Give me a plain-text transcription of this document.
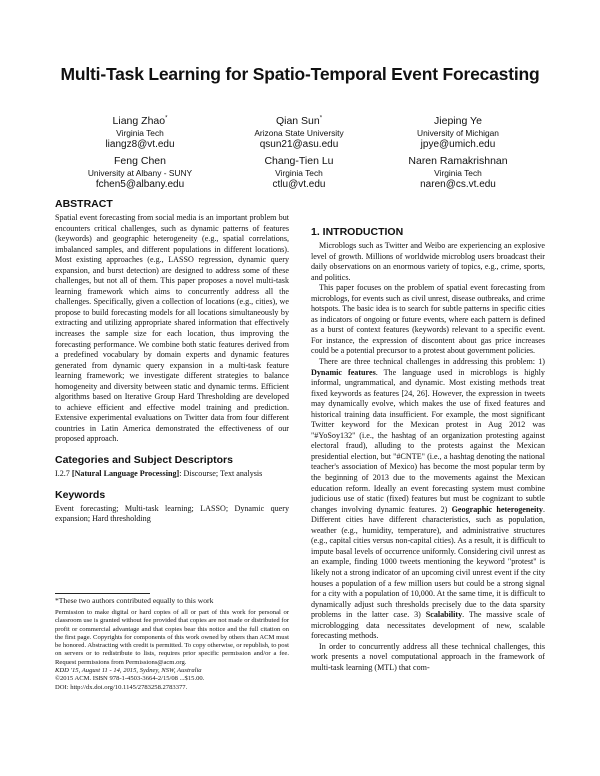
Multi-Task Learning for Spatio-Temporal Event Forecasting
Liang Zhao*
Virginia Tech
liangz8@vt.edu
Qian Sun*
Arizona State University
qsun21@asu.edu
Jieping Ye
University of Michigan
jpye@umich.edu
Feng Chen
University at Albany - SUNY
fchen5@albany.edu
Chang-Tien Lu
Virginia Tech
ctlu@vt.edu
Naren Ramakrishnan
Virginia Tech
naren@cs.vt.edu
ABSTRACT

Spatial event forecasting from social media is an important problem but encounters critical challenges, such as dynamic patterns of features (keywords) and geographic heterogeneity (e.g., spatial correlations, imbalanced samples, and different populations in different locations). Most existing approaches (e.g., LASSO regression, dynamic query expansion, and burst detection) are designed to address some of these challenges, but not all of them. This paper proposes a novel multi-task learning framework which aims to concurrently address all the challenges. Specifically, given a collection of locations (e.g., cities), we propose to build forecasting models for all locations simultaneously by extracting and utilizing appropriate shared information that effectively increases the sample size for each location, thus improving the forecasting performance. We combine both static features derived from a predefined vocabulary by domain experts and dynamic features generated from dynamic query expansion in a multi-task feature learning framework; we investigate different strategies to balance homogeneity and diversity between static and dynamic terms. Efficient algorithms based on Iterative Group Hard Thresholding are developed to achieve efficient and effective model training and prediction. Extensive experimental evaluations on Twitter data from four different countries in Latin America demonstrated the effectiveness of our proposed approach.

Categories and Subject Descriptors

I.2.7 [Natural Language Processing]: Discourse; Text analysis

Keywords

Event forecasting; Multi-task learning; LASSO; Dynamic query expansion; Hard thresholding

*These two authors contributed equally to this work
Permission to make digital or hard copies of all or part of this work for personal or classroom use is granted without fee provided that copies are not made or distributed for profit or commercial advantage and that copies bear this notice and the full citation on the first page. Copyrights for components of this work owned by others than ACM must be honored. Abstracting with credit is permitted. To copy otherwise, or republish, to post on servers or to redistribute to lists, requires prior specific permission and/or a fee. Request permissions from Permissions@acm.org.
KDD '15, August 11 - 14, 2015, Sydney, NSW, Australia
©2015 ACM. ISBN 978-1-4503-3664-2/15/08 ...$15.00.
DOI: http://dx.doi.org/10.1145/2783258.2783377.
1. INTRODUCTION

Microblogs such as Twitter and Weibo are experiencing an explosive level of growth. Millions of worldwide microblog users broadcast their daily observations on an enormous variety of topics, e.g., crime, sports, and politics.

This paper focuses on the problem of spatial event forecasting from microblogs, for events such as civil unrest, disease outbreaks, and crime hotspots. The basic idea is to search for subtle patterns in specific cities as indicators of ongoing or future events, where each pattern is defined as a burst of context features (keywords) relevant to a specific event. For instance, the expression of discontent about gas price increases could be a potential precursor to a protest about government policies.

There are three technical challenges in addressing this problem: 1) Dynamic features. The language used in microblogs is highly informal, ungrammatical, and dynamic. Most existing methods treat fixed keywords as features [24, 26]. However, the expression in tweets may dynamically evolve, which makes the use of fixed features and historical training data insufficient. For example, the most significant Twitter keyword for the Mexican protest in Aug 2012 was "#YoSoy132" (i.e., the hashtag of an organization protesting against electoral fraud), alluding to the protests against the Mexican presidential election, but "#CNTE" (i.e., a hashtag denoting the national teacher's association of Mexico) has become the most popular term by the beginning of 2013 due to the movements against the Mexican education reform. Ideally an event forecasting system must combine judicious use of static (fixed) features but must be cognizant to subtle changes involving dynamic features. 2) Geographic heterogeneity. Different cities have different characteristics, such as population, weather (e.g., humidity, temperature), and administrative structures (e.g., capital cities versus non-capital cities). As a result, it is difficult to impute basal levels of occurrence uniformly. Considering civil unrest as an example, finding 1000 tweets mentioning the keyword "protest" is likely not a strong indicator of an upcoming civil unrest event if the city houses a population of a few million users but could be a strong signal for a city with a population of 10,000. At the same time, it is difficult to dynamically adjust such thresholds precisely due to the data sparsity problems in the latter case. 3) Scalability. The massive scale of microblogging data necessitates development of new, scalable forecasting methods.

In order to concurrently address all these technical challenges, this work presents a novel computational approach in the framework of multi-task learning (MTL) that com-
